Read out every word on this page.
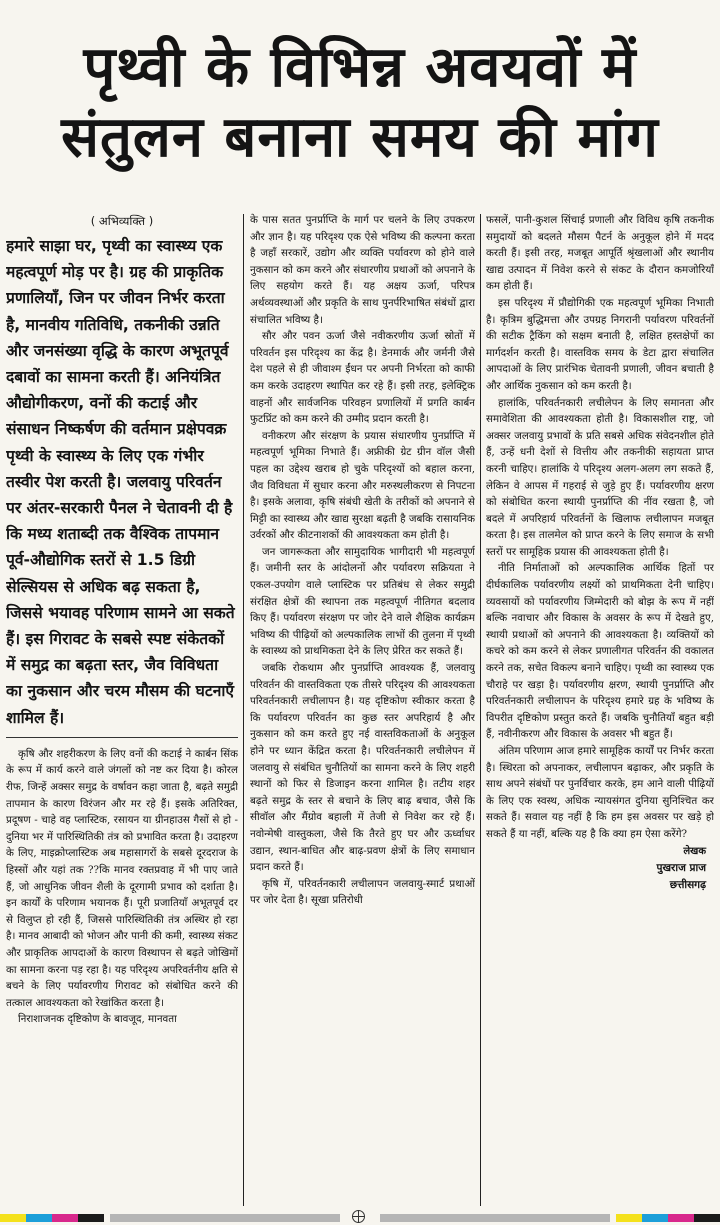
पृथ्वी के विभिन्न अवयवों में
संतुलन बनाना समय की मांग
( अभिव्यक्ति )
हमारे साझा घर, पृथ्वी का स्वास्थ्य एक महत्वपूर्ण मोड़ पर है। ग्रह की प्राकृतिक प्रणालियाँ, जिन पर जीवन निर्भर करता है, मानवीय गतिविधि, तकनीकी उन्नति और जनसंख्या वृद्धि के कारण अभूतपूर्व दबावों का सामना करती हैं। अनियंत्रित औद्योगीकरण, वनों की कटाई और संसाधन निष्कर्षण की वर्तमान प्रक्षेपवक्र पृथ्वी के स्वास्थ्य के लिए एक गंभीर तस्वीर पेश करती है। जलवायु परिवर्तन पर अंतर-सरकारी पैनल ने चेतावनी दी है कि मध्य शताब्दी तक वैश्विक तापमान पूर्व-औद्योगिक स्तरों से 1.5 डिग्री सेल्सियस से अधिक बढ़ सकता है, जिससे भयावह परिणाम सामने आ सकते हैं। इस गिरावट के सबसे स्पष्ट संकेतकों में समुद्र का बढ़ता स्तर, जैव विविधता का नुकसान और चरम मौसम की घटनाएँ शामिल हैं।

कृषि और शहरीकरण के लिए वनों की कटाई ने कार्बन सिंक के रूप में कार्य करने वाले जंगलों को नष्ट कर दिया है। कोरल रीफ, जिन्हें अक्सर समुद्र के वर्षावन कहा जाता है, बढ़ते समुद्री तापमान के कारण विरंजन और मर रहे हैं। इसके अतिरिक्त, प्रदूषण - चाहे वह प्लास्टिक, रसायन या ग्रीनहाउस गैसों से हो - दुनिया भर में पारिस्थितिकी तंत्र को प्रभावित करता है। उदाहरण के लिए, माइक्रोप्लास्टिक अब महासागरों के सबसे दूरदराज के हिस्सों और यहां तक ??कि मानव रक्तप्रवाह में भी पाए जाते हैं, जो आधुनिक जीवन शैली के दूरगामी प्रभाव को दर्शाता है। इन कार्यों के परिणाम भयानक हैं। पूरी प्रजातियाँ अभूतपूर्व दर से विलुप्त हो रही हैं, जिससे पारिस्थितिकी तंत्र अस्थिर हो रहा है। मानव आबादी को भोजन और पानी की कमी, स्वास्थ्य संकट और प्राकृतिक आपदाओं के कारण विस्थापन से बढ़ते जोखिमों का सामना करना पड़ रहा है। यह परिदृश्य अपरिवर्तनीय क्षति से बचने के लिए पर्यावरणीय गिरावट को संबोधित करने की तत्काल आवश्यकता को रेखांकित करता है।

निराशाजनक दृष्टिकोण के बावजूद, मानवता

के पास सतत पुनर्प्राप्ति के मार्ग पर चलने के लिए उपकरण और ज्ञान है। यह परिदृश्य एक ऐसे भविष्य की कल्पना करता है जहाँ सरकारें, उद्योग और व्यक्ति पर्यावरण को होने वाले नुकसान को कम करने और संधारणीय प्रथाओं को अपनाने के लिए सहयोग करते हैं। यह अक्षय ऊर्जा, परिपत्र अर्थव्यवस्थाओं और प्रकृति के साथ पुनर्परिभाषित संबंधों द्वारा संचालित भविष्य है।

सौर और पवन ऊर्जा जैसे नवीकरणीय ऊर्जा स्रोतों में परिवर्तन इस परिदृश्य का केंद्र है। डेनमार्क और जर्मनी जैसे देश पहले से ही जीवाश्म ईंधन पर अपनी निर्भरता को काफी कम करके उदाहरण स्थापित कर रहे हैं। इसी तरह, इलेक्ट्रिक वाहनों और सार्वजनिक परिवहन प्रणालियों में प्रगति कार्बन फुटप्रिंट को कम करने की उम्मीद प्रदान करती है।

वनीकरण और संरक्षण के प्रयास संधारणीय पुनर्प्राप्ति में महत्वपूर्ण भूमिका निभाते हैं। अफ्रीकी ग्रेट ग्रीन वॉल जैसी पहल का उद्देश्य खराब हो चुके परिदृश्यों को बहाल करना, जैव विविधता में सुधार करना और मरुस्थलीकरण से निपटना है। इसके अलावा, कृषि संबंधी खेती के तरीकों को अपनाने से मिट्टी का स्वास्थ्य और खाद्य सुरक्षा बढ़ती है जबकि रासायनिक उर्वरकों और कीटनाशकों की आवश्यकता कम होती है।

जन जागरूकता और सामुदायिक भागीदारी भी महत्वपूर्ण हैं। जमीनी स्तर के आंदोलनों और पर्यावरण सक्रियता ने एकल-उपयोग वाले प्लास्टिक पर प्रतिबंध से लेकर समुद्री संरक्षित क्षेत्रों की स्थापना तक महत्वपूर्ण नीतिगत बदलाव किए हैं। पर्यावरण संरक्षण पर जोर देने वाले शैक्षिक कार्यक्रम भविष्य की पीढ़ियों को अल्पकालिक लाभों की तुलना में पृथ्वी के स्वास्थ्य को प्राथमिकता देने के लिए प्रेरित कर सकते हैं।

जबकि रोकथाम और पुनर्प्राप्ति आवश्यक हैं, जलवायु परिवर्तन की वास्तविकता एक तीसरे परिदृश्य की आवश्यकता परिवर्तनकारी लचीलापन है। यह दृष्टिकोण स्वीकार करता है कि पर्यावरण परिवर्तन का कुछ स्तर अपरिहार्य है और नुकसान को कम करते हुए नई वास्तविकताओं के अनुकूल होने पर ध्यान केंद्रित करता है। परिवर्तनकारी लचीलेपन में जलवायु से संबंधित चुनौतियों का सामना करने के लिए शहरी स्थानों को फिर से डिजाइन करना शामिल है। तटीय शहर बढ़ते समुद्र के स्तर से बचाने के लिए बाढ़ बचाव, जैसे कि सीवॉल और मैंग्रोव बहाली में तेजी से निवेश कर रहे हैं। नवोन्मेषी वास्तुकला, जैसे कि तैरते हुए घर और ऊर्ध्वाधर उद्यान, स्थान-बाधित और बाढ़-प्रवण क्षेत्रों के लिए समाधान प्रदान करते हैं।

कृषि में, परिवर्तनकारी लचीलापन जलवायु-स्मार्ट प्रथाओं पर जोर देता है। सूखा प्रतिरोधी

फसलें, पानी-कुशल सिंचाई प्रणाली और विविध कृषि तकनीक समुदायों को बदलते मौसम पैटर्न के अनुकूल होने में मदद करती हैं। इसी तरह, मजबूत आपूर्ति श्रृंखलाओं और स्थानीय खाद्य उत्पादन में निवेश करने से संकट के दौरान कमजोरियाँ कम होती हैं।

इस परिदृश्य में प्रौद्योगिकी एक महत्वपूर्ण भूमिका निभाती है। कृत्रिम बुद्धिमत्ता और उपग्रह निगरानी पर्यावरण परिवर्तनों की सटीक ट्रैकिंग को सक्षम बनाती है, लक्षित हस्तक्षेपों का मार्गदर्शन करती है। वास्तविक समय के डेटा द्वारा संचालित आपदाओं के लिए प्रारंभिक चेतावनी प्रणाली, जीवन बचाती है और आर्थिक नुकसान को कम करती है।

हालांकि, परिवर्तनकारी लचीलेपन के लिए समानता और समावेशिता की आवश्यकता होती है। विकासशील राष्ट्र, जो अक्सर जलवायु प्रभावों के प्रति सबसे अधिक संवेदनशील होते हैं, उन्हें धनी देशों से वित्तीय और तकनीकी सहायता प्राप्त करनी चाहिए। हालांकि ये परिदृश्य अलग-अलग लग सकते हैं, लेकिन वे आपस में गहराई से जुड़े हुए हैं। पर्यावरणीय क्षरण को संबोधित करना स्थायी पुनर्प्राप्ति की नींव रखता है, जो बदले में अपरिहार्य परिवर्तनों के खिलाफ लचीलापन मजबूत करता है। इस तालमेल को प्राप्त करने के लिए समाज के सभी स्तरों पर सामूहिक प्रयास की आवश्यकता होती है।

नीति निर्माताओं को अल्पकालिक आर्थिक हितों पर दीर्घकालिक पर्यावरणीय लक्ष्यों को प्राथमिकता देनी चाहिए। व्यवसायों को पर्यावरणीय जिम्मेदारी को बोझ के रूप में नहीं बल्कि नवाचार और विकास के अवसर के रूप में देखते हुए, स्थायी प्रथाओं को अपनाने की आवश्यकता है। व्यक्तियों को कचरे को कम करने से लेकर प्रणालीगत परिवर्तन की वकालत करने तक, सचेत विकल्प बनाने चाहिए। पृथ्वी का स्वास्थ्य एक चौराहे पर खड़ा है। पर्यावरणीय क्षरण, स्थायी पुनर्प्राप्ति और परिवर्तनकारी लचीलापन के परिदृश्य हमारे ग्रह के भविष्य के विपरीत दृष्टिकोण प्रस्तुत करते हैं। जबकि चुनौतियाँ बहुत बड़ी हैं, नवीनीकरण और विकास के अवसर भी बहुत हैं।

अंतिम परिणाम आज हमारे सामूहिक कार्यों पर निर्भर करता है। स्थिरता को अपनाकर, लचीलापन बढ़ाकर, और प्रकृति के साथ अपने संबंधों पर पुनर्विचार करके, हम आने वाली पीढ़ियों के लिए एक स्वस्थ, अधिक न्यायसंगत दुनिया सुनिश्चित कर सकते हैं। सवाल यह नहीं है कि हम इस अवसर पर खड़े हो सकते हैं या नहीं, बल्कि यह है कि क्या हम ऐसा करेंगे?

लेखक
पुखराज प्राज
छत्तीसगढ़
